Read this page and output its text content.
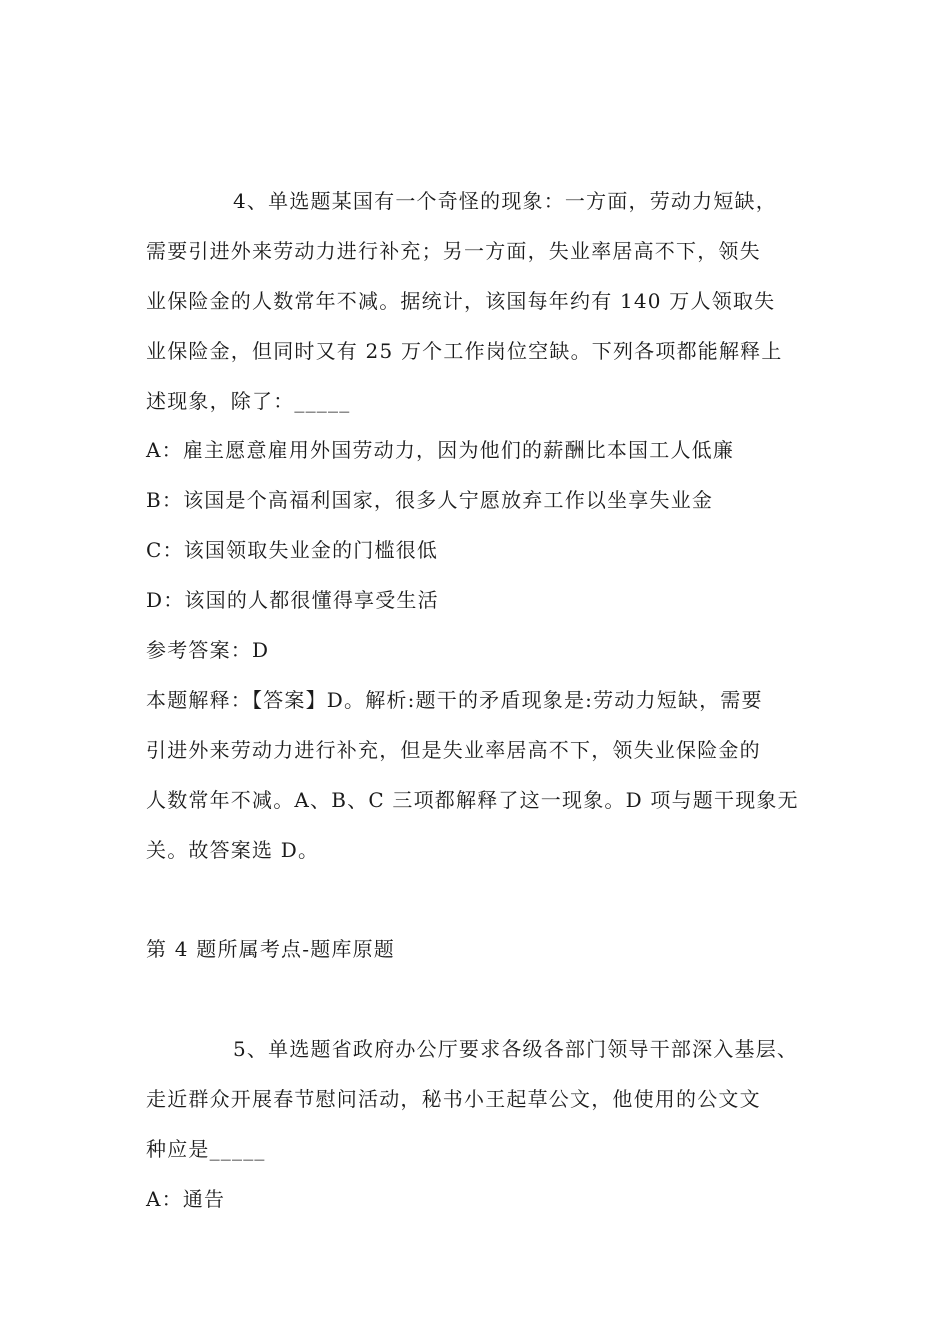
4、单选题某国有一个奇怪的现象：一方面，劳动力短缺，
需要引进外来劳动力进行补充；另一方面，失业率居高不下，领失
业保险金的人数常年不减。据统计，该国每年约有 140 万人领取失
业保险金，但同时又有 25 万个工作岗位空缺。下列各项都能解释上
述现象，除了：_____
A：雇主愿意雇用外国劳动力，因为他们的薪酬比本国工人低廉
B：该国是个高福利国家，很多人宁愿放弃工作以坐享失业金
C：该国领取失业金的门槛很低
D：该国的人都很懂得享受生活
参考答案：D
本题解释：【答案】D。解析:题干的矛盾现象是:劳动力短缺，需要
引进外来劳动力进行补充，但是失业率居高不下，领失业保险金的
人数常年不减。A、B、C 三项都解释了这一现象。D 项与题干现象无
关。故答案选 D。
第 4 题所属考点-题库原题
5、单选题省政府办公厅要求各级各部门领导干部深入基层、
走近群众开展春节慰问活动，秘书小王起草公文，他使用的公文文
种应是_____
A：通告
